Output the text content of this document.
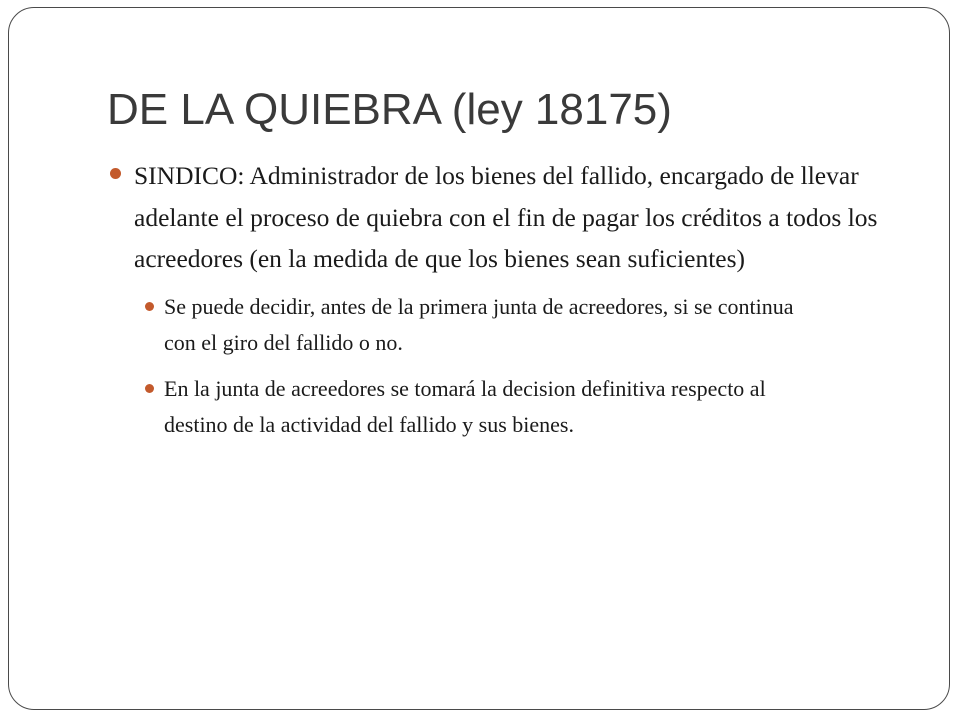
DE LA QUIEBRA (ley 18175)
SINDICO: Administrador de los bienes del fallido, encargado de llevar adelante el proceso de quiebra con el fin de pagar los créditos a todos los acreedores (en la medida de que los bienes sean suficientes)
Se puede decidir, antes de la primera junta de acreedores, si se continua con el giro del fallido o no.
En la junta de acreedores se tomará la decision definitiva respecto al destino de la actividad del fallido y sus bienes.
